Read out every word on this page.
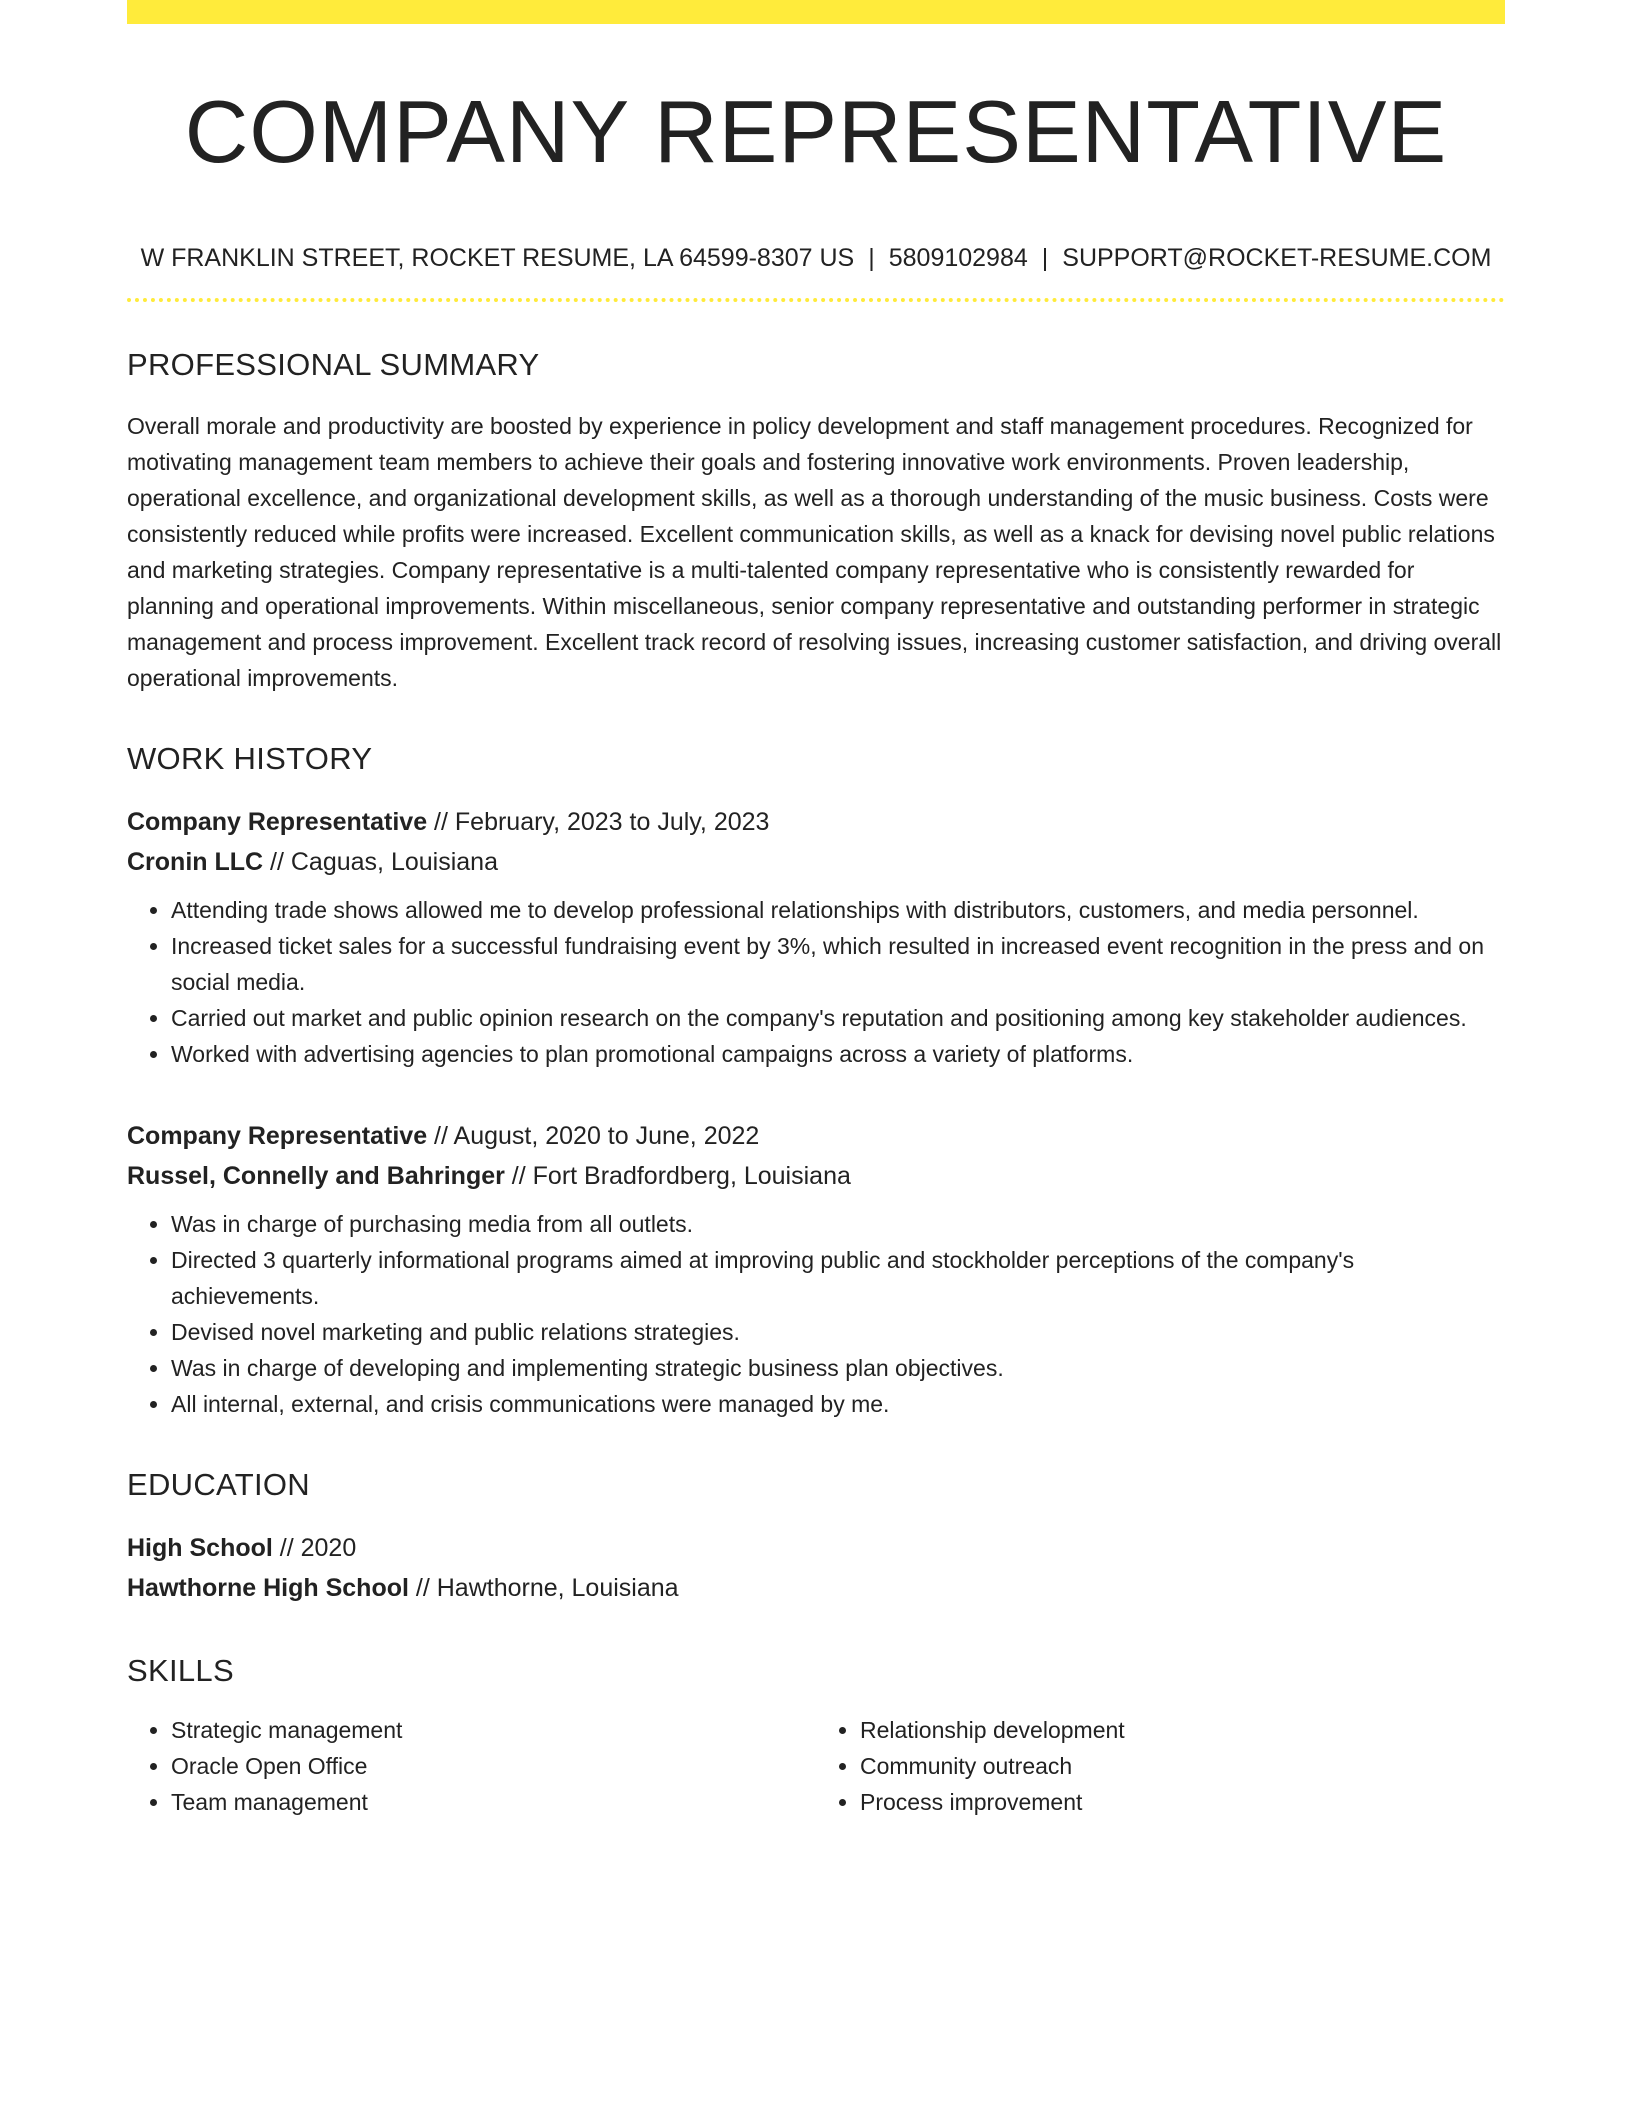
COMPANY REPRESENTATIVE
W FRANKLIN STREET, ROCKET RESUME, LA 64599-8307 US | 5809102984 | SUPPORT@ROCKET-RESUME.COM
PROFESSIONAL SUMMARY
Overall morale and productivity are boosted by experience in policy development and staff management procedures. Recognized for motivating management team members to achieve their goals and fostering innovative work environments. Proven leadership, operational excellence, and organizational development skills, as well as a thorough understanding of the music business. Costs were consistently reduced while profits were increased. Excellent communication skills, as well as a knack for devising novel public relations and marketing strategies. Company representative is a multi-talented company representative who is consistently rewarded for planning and operational improvements. Within miscellaneous, senior company representative and outstanding performer in strategic management and process improvement. Excellent track record of resolving issues, increasing customer satisfaction, and driving overall operational improvements.
WORK HISTORY
Company Representative // February, 2023 to July, 2023
Cronin LLC // Caguas, Louisiana
• Attending trade shows allowed me to develop professional relationships with distributors, customers, and media personnel.
• Increased ticket sales for a successful fundraising event by 3%, which resulted in increased event recognition in the press and on social media.
• Carried out market and public opinion research on the company's reputation and positioning among key stakeholder audiences.
• Worked with advertising agencies to plan promotional campaigns across a variety of platforms.
Company Representative // August, 2020 to June, 2022
Russel, Connelly and Bahringer // Fort Bradfordberg, Louisiana
• Was in charge of purchasing media from all outlets.
• Directed 3 quarterly informational programs aimed at improving public and stockholder perceptions of the company's achievements.
• Devised novel marketing and public relations strategies.
• Was in charge of developing and implementing strategic business plan objectives.
• All internal, external, and crisis communications were managed by me.
EDUCATION
High School // 2020
Hawthorne High School // Hawthorne, Louisiana
SKILLS
• Strategic management
• Oracle Open Office
• Team management
• Relationship development
• Community outreach
• Process improvement
